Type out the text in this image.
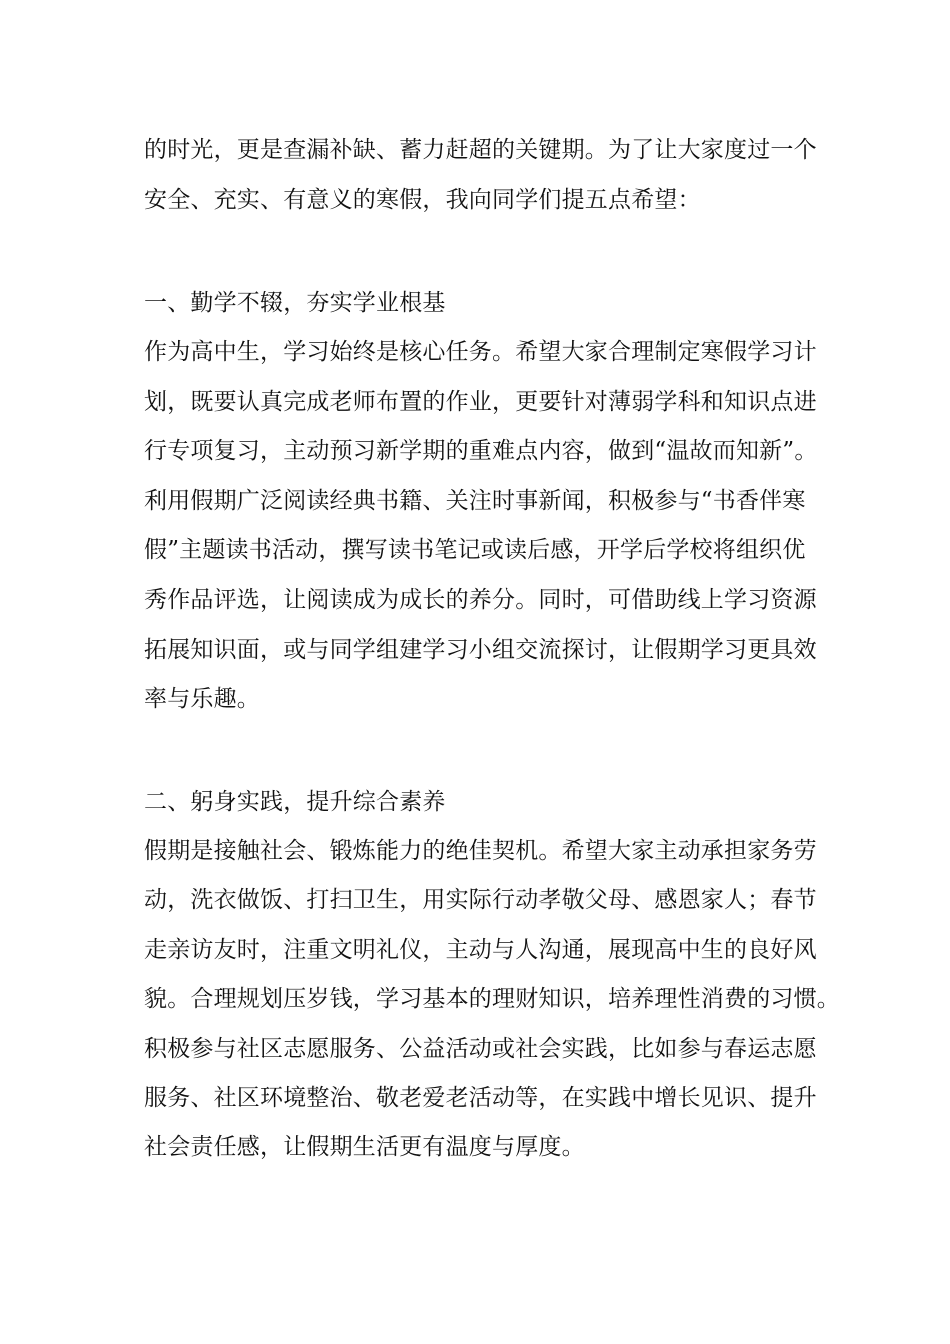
的时光，更是查漏补缺、蓄力赶超的关键期。为了让大家度过一个
安全、充实、有意义的寒假，我向同学们提五点希望：
一、勤学不辍，夯实学业根基
作为高中生，学习始终是核心任务。希望大家合理制定寒假学习计
划，既要认真完成老师布置的作业，更要针对薄弱学科和知识点进
行专项复习，主动预习新学期的重难点内容，做到“温故而知新”。
利用假期广泛阅读经典书籍、关注时事新闻，积极参与“书香伴寒
假”主题读书活动，撰写读书笔记或读后感，开学后学校将组织优
秀作品评选，让阅读成为成长的养分。同时，可借助线上学习资源
拓展知识面，或与同学组建学习小组交流探讨，让假期学习更具效
率与乐趣。
二、躬身实践，提升综合素养
假期是接触社会、锻炼能力的绝佳契机。希望大家主动承担家务劳
动，洗衣做饭、打扫卫生，用实际行动孝敬父母、感恩家人；春节
走亲访友时，注重文明礼仪，主动与人沟通，展现高中生的良好风
貌。合理规划压岁钱，学习基本的理财知识，培养理性消费的习惯。
积极参与社区志愿服务、公益活动或社会实践，比如参与春运志愿
服务、社区环境整治、敬老爱老活动等，在实践中增长见识、提升
社会责任感，让假期生活更有温度与厚度。
